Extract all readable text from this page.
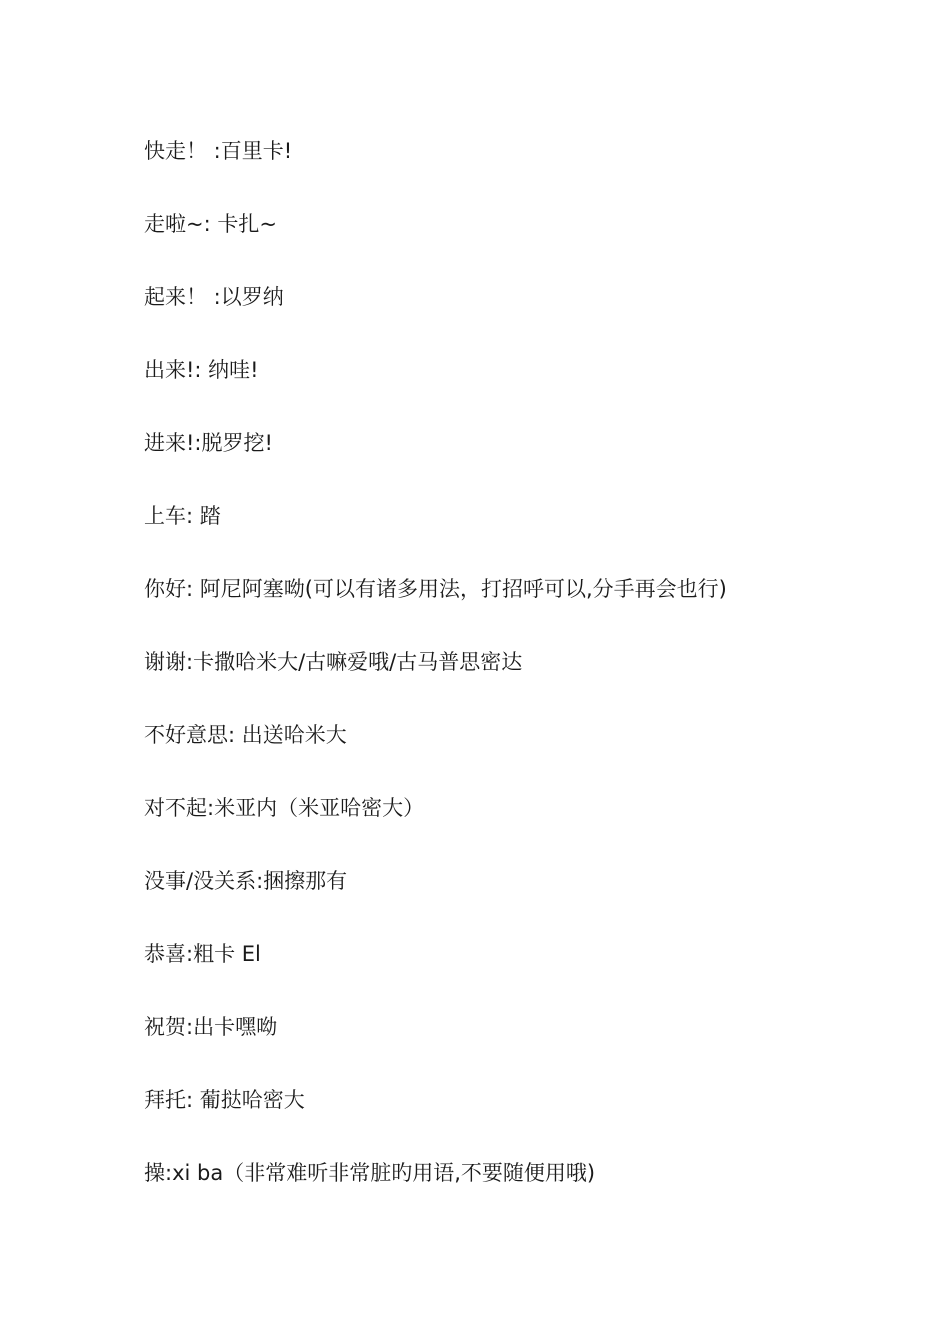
快走！ :百里卡!
走啦~: 卡扎~
起来！ :以罗纳
出来!: 纳哇!
进来!:脱罗挖!
上车: 踏
你好: 阿尼阿塞呦(可以有诸多用法，打招呼可以,分手再会也行)
谢谢:卡撒哈米大/古嘛爱哦/古马普思密达
不好意思: 出送哈米大
对不起:米亚内（米亚哈密大）
没事/没关系:捆擦那有
恭喜:粗卡 El
祝贺:出卡嘿呦
拜托: 葡挞哈密大
操:xi ba（非常难听非常脏旳用语,不要随便用哦)
